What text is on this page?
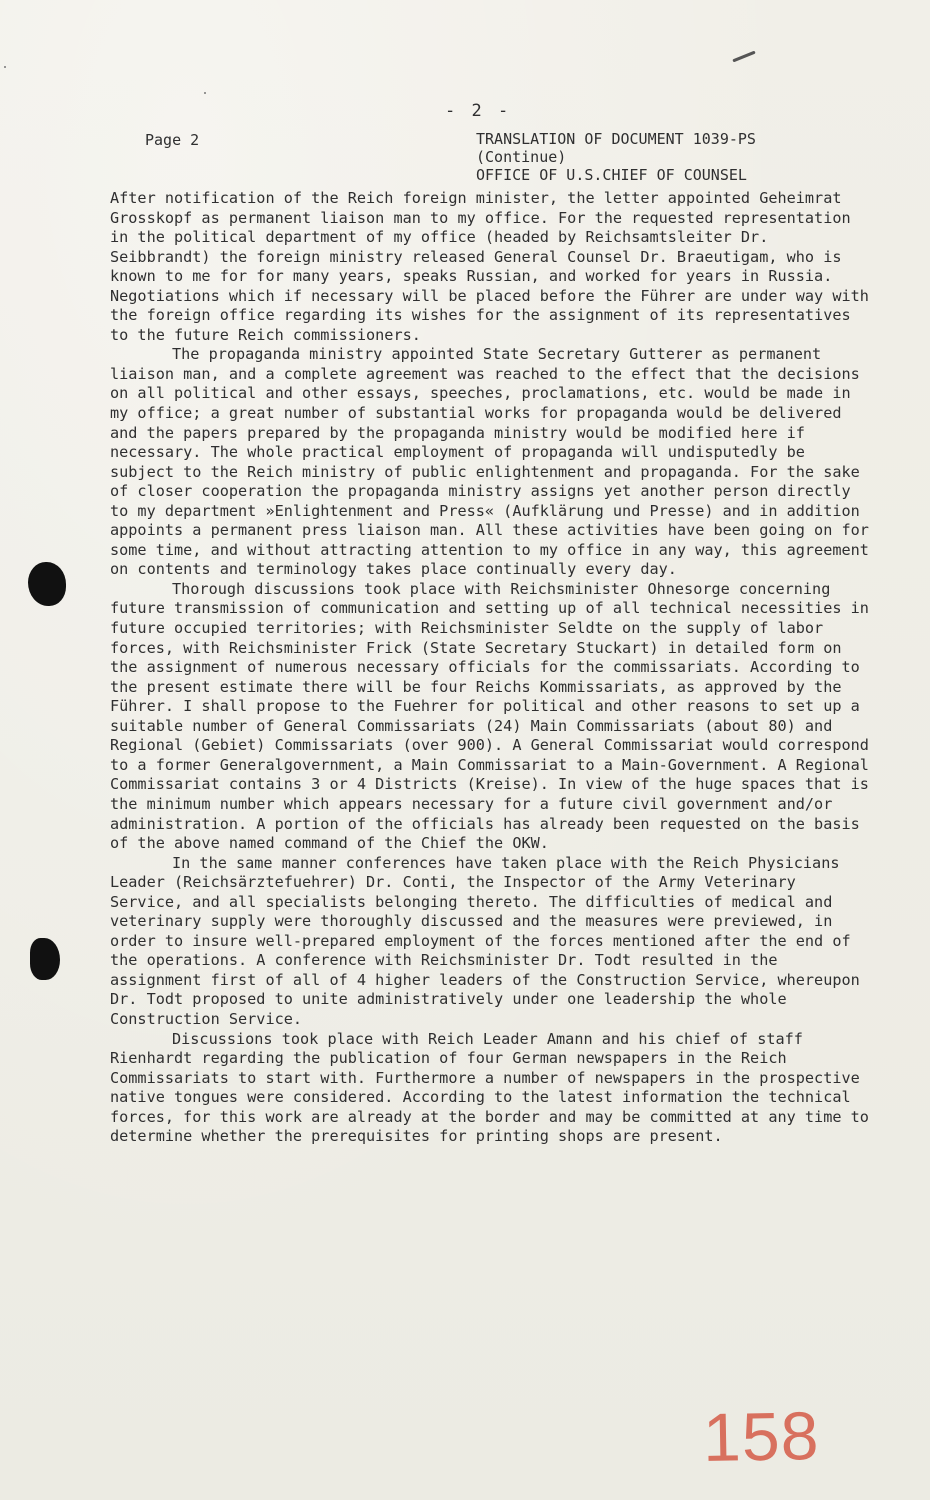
- 2 -
Page 2	TRANSLATION OF DOCUMENT 1039-PS
(Continue)
OFFICE OF U.S.CHIEF OF COUNSEL

After notification of the Reich foreign minister, the letter appointed Geheimrat Grosskopf as permanent liaison man to my office. For the requested representation in the political department of my office (headed by Reichsamtsleiter Dr. Seibbrandt) the foreign ministry released General Counsel Dr. Braeutigam, who is known to me for for many years, speaks Russian, and worked for years in Russia. Negotiations which if necessary will be placed before the Führer are under way with the foreign office regarding its wishes for the assignment of its representatives to the future Reich commissioners.

The propaganda ministry appointed State Secretary Gutterer as permanent liaison man, and a complete agreement was reached to the effect that the decisions on all political and other essays, speeches, proclamations, etc. would be made in my office; a great number of substantial works for propaganda would be delivered and the papers prepared by the propaganda ministry would be modified here if necessary. The whole practical employment of propaganda will undisputedly be subject to the Reich ministry of public enlightenment and propaganda. For the sake of closer cooperation the propaganda ministry assigns yet another person directly to my department »Enlightenment and Press« (Aufklärung und Presse) and in addition appoints a permanent press liaison man. All these activities have been going on for some time, and without attracting attention to my office in any way, this agreement on contents and terminology takes place continually every day.

Thorough discussions took place with Reichsminister Ohnesorge concerning future transmission of communication and setting up of all technical necessities in future occupied territories; with Reichsminister Seldte on the supply of labor forces, with Reichsminister Frick (State Secretary Stuckart) in detailed form on the assignment of numerous necessary officials for the commissariats. According to the present estimate there will be four Reichs Kommissariats, as approved by the Führer. I shall propose to the Fuehrer for political and other reasons to set up a suitable number of General Commissariats (24) Main Commissariats (about 80) and Regional (Gebiet) Commissariats (over 900). A General Commissariat would correspond to a former Generalgovernment, a Main Commissariat to a Main-Government. A Regional Commissariat contains 3 or 4 Districts (Kreise). In view of the huge spaces that is the minimum number which appears necessary for a future civil government and/or administration. A portion of the officials has already been requested on the basis of the above named command of the Chief the OKW.

In the same manner conferences have taken place with the Reich Physicians Leader (Reichsärztefuehrer) Dr. Conti, the Inspector of the Army Veterinary Service, and all specialists belonging thereto. The difficulties of medical and veterinary supply were thoroughly discussed and the measures were previewed, in order to insure well-prepared employment of the forces mentioned after the end of the operations. A conference with Reichsminister Dr. Todt resulted in the assignment first of all of 4 higher leaders of the Construction Service, whereupon Dr. Todt proposed to unite administratively under one leadership the whole Construction Service.

Discussions took place with Reich Leader Amann and his chief of staff Rienhardt regarding the publication of four German newspapers in the Reich Commissariats to start with. Furthermore a number of newspapers in the prospective native tongues were considered. According to the latest information the technical forces, for this work are already at the border and may be committed at any time to determine whether the prerequisites for printing shops are present.

158
